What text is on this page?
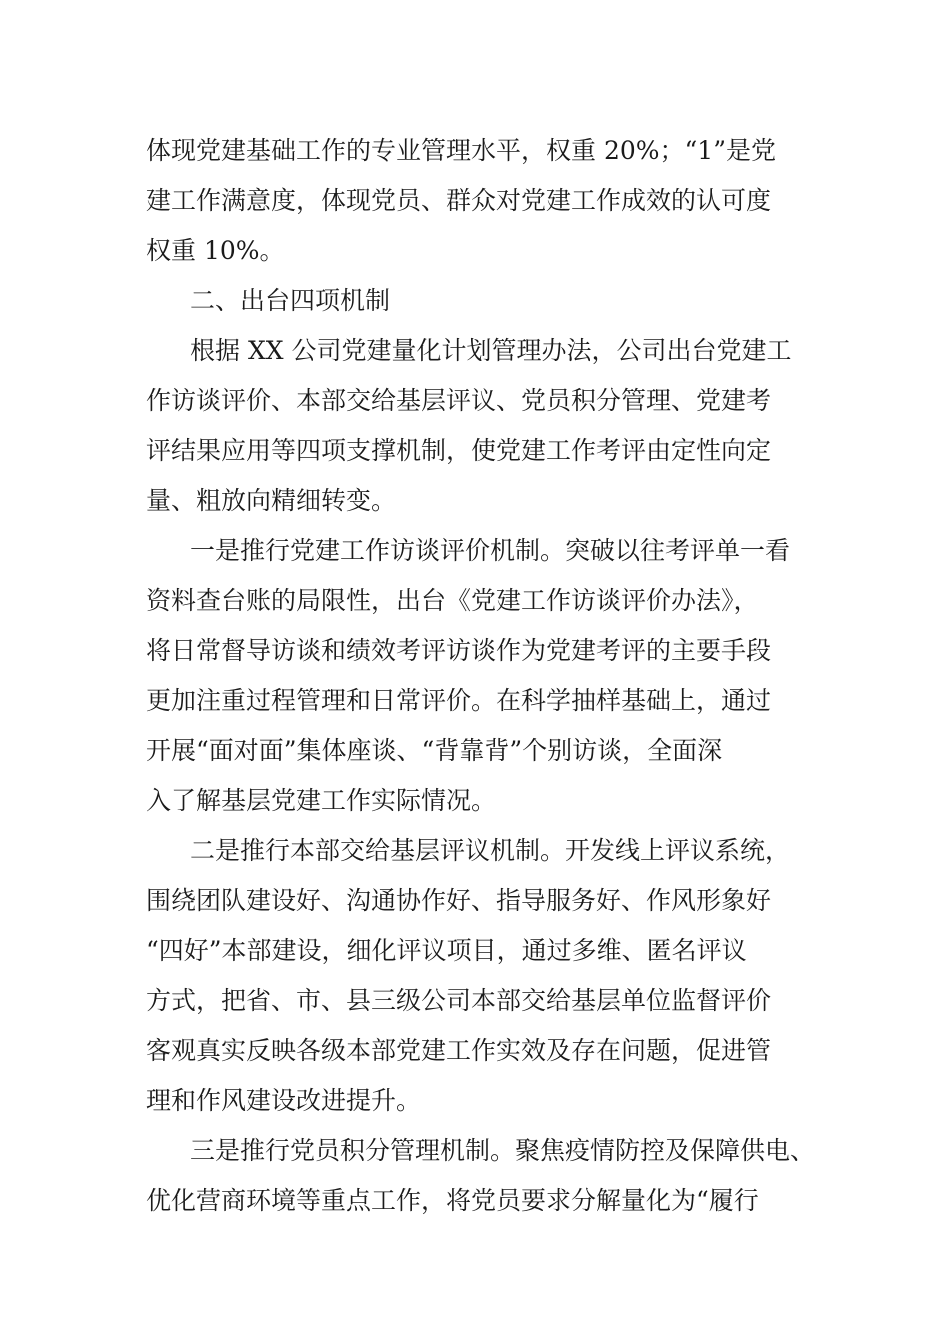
体现党建基础工作的专业管理水平，权重 20%；“1”是党
建工作满意度，体现党员、群众对党建工作成效的认可度
权重 10%。
二、出台四项机制
根据 XX 公司党建量化计划管理办法，公司出台党建工
作访谈评价、本部交给基层评议、党员积分管理、党建考
评结果应用等四项支撑机制，使党建工作考评由定性向定
量、粗放向精细转变。
一是推行党建工作访谈评价机制。突破以往考评单一看
资料查台账的局限性，出台《党建工作访谈评价办法》，
将日常督导访谈和绩效考评访谈作为党建考评的主要手段
更加注重过程管理和日常评价。在科学抽样基础上，通过
开展“面对面”集体座谈、“背靠背”个别访谈，全面深
入了解基层党建工作实际情况。
二是推行本部交给基层评议机制。开发线上评议系统，
围绕团队建设好、沟通协作好、指导服务好、作风形象好
“四好”本部建设，细化评议项目，通过多维、匿名评议
方式，把省、市、县三级公司本部交给基层单位监督评价
客观真实反映各级本部党建工作实效及存在问题，促进管
理和作风建设改进提升。
三是推行党员积分管理机制。聚焦疫情防控及保障供电、
优化营商环境等重点工作，将党员要求分解量化为“履行
